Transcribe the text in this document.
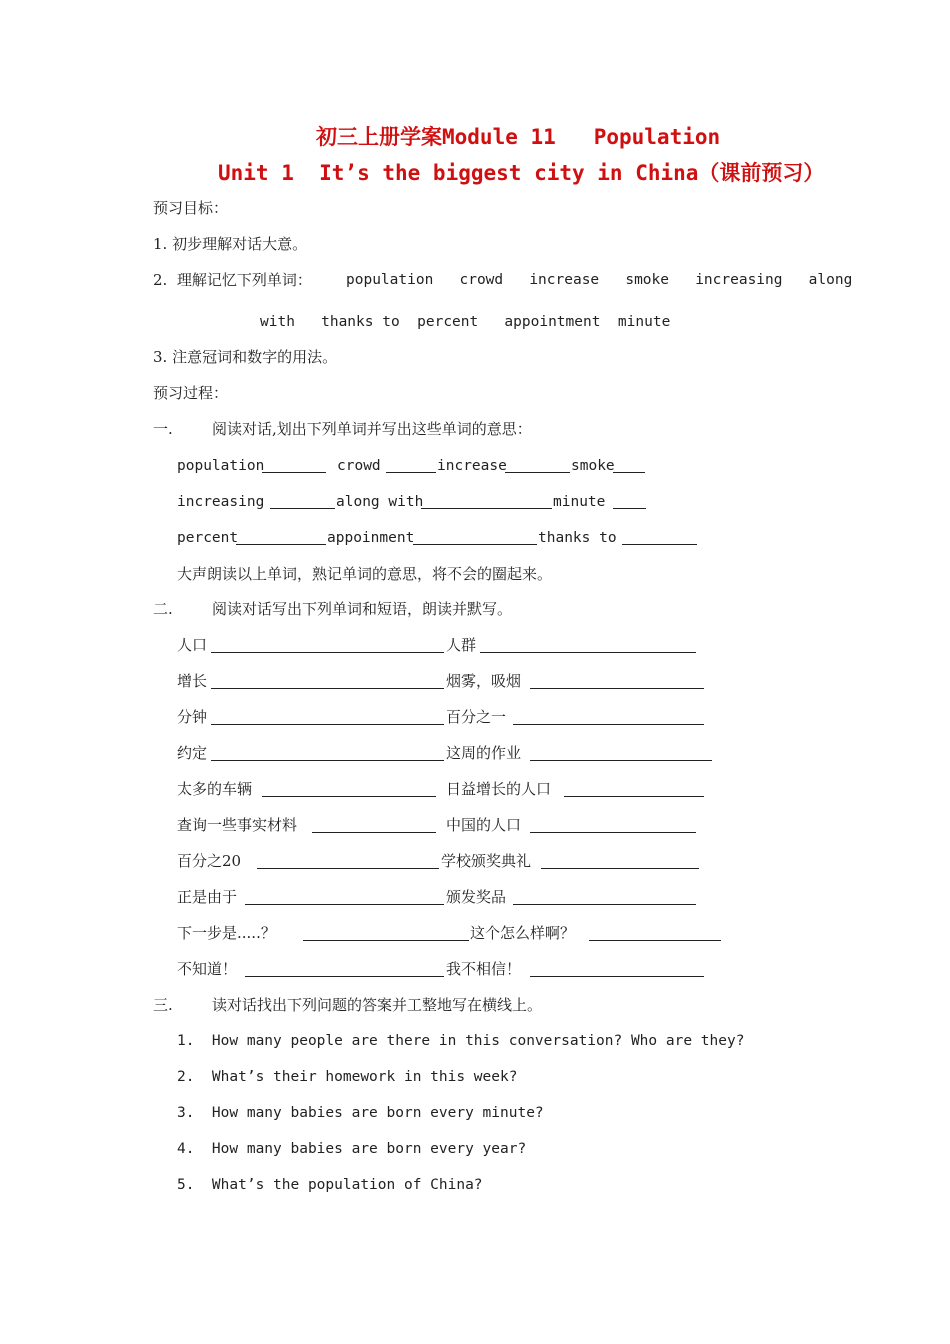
初三上册学案Module 11   Population
Unit 1  It’s the biggest city in China（课前预习）
预习目标：
1. 初步理解对话大意。
2.  理解记忆下列单词： population   crowd   increase   smoke   increasing   along
with   thanks to  percent   appointment  minute
3. 注意冠词和数字的用法。
预习过程：
一.	阅读对话,划出下列单词并写出这些单词的意思：
population	crowd	increase	smoke
increasing	along with	minute
percent	appoinment	thanks to
大声朗读以上单词，熟记单词的意思，将不会的圈起来。
二.	阅读对话写出下列单词和短语，朗读并默写。
人口	人群
增长	烟雾，吸烟
分钟	百分之一
约定	这周的作业
太多的车辆	日益增长的人口
查询一些事实材料	中国的人口
百分之20	学校颁奖典礼
正是由于	颁发奖品
下一步是.....？	这个怎么样啊？
不知道！	我不相信！
三.	读对话找出下列问题的答案并工整地写在横线上。
1.  How many people are there in this conversation? Who are they?
2.  What’s their homework in this week?
3.  How many babies are born every minute?
4.  How many babies are born every year?
5.  What’s the population of China?
